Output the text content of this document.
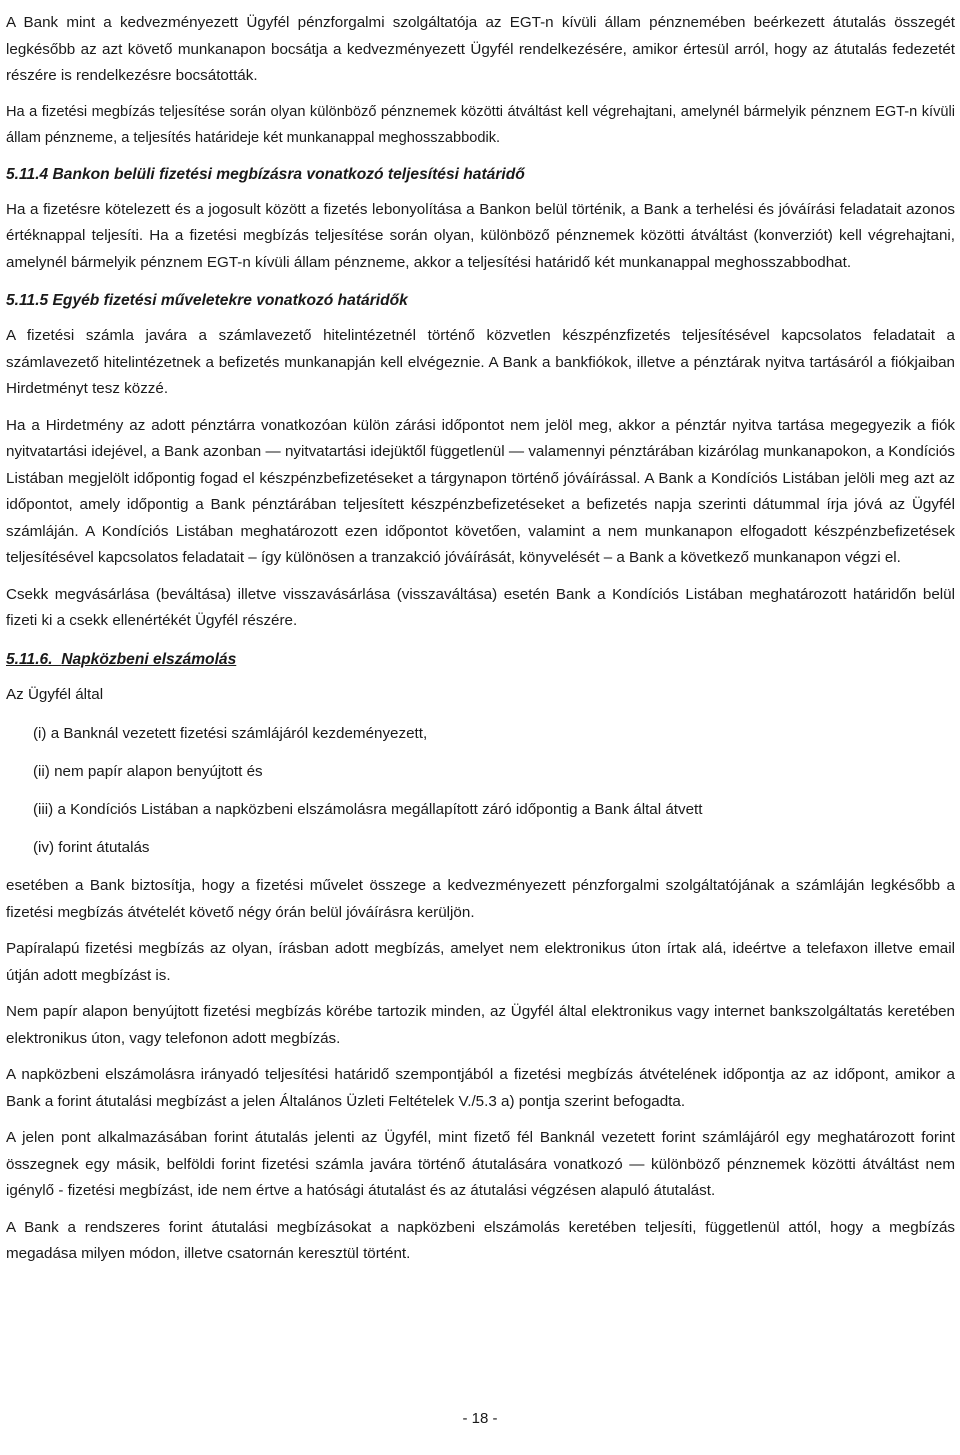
A Bank mint a kedvezményezett Ügyfél pénzforgalmi szolgáltatója az EGT-n kívüli állam pénznemében beérkezett átutalás összegét legkésőbb az azt követő munkanapon bocsátja a kedvezményezett Ügyfél rendelkezésére, amikor értesül arról, hogy az átutalás fedezetét részére is rendelkezésre bocsátották.

Ha a fizetési megbízás teljesítése során olyan különböző pénznemek közötti átváltást kell végrehajtani, amelynél bármelyik pénznem EGT-n kívüli állam pénzneme, a teljesítés határideje két munkanappal meghosszabbodik.

5.11.4 Bankon belüli fizetési megbízásra vonatkozó teljesítési határidő

Ha a fizetésre kötelezett és a jogosult között a fizetés lebonyolítása a Bankon belül történik, a Bank a terhelési és jóváírási feladatait azonos értéknappal teljesíti. Ha a fizetési megbízás teljesítése során olyan, különböző pénznemek közötti átváltást (konverziót) kell végrehajtani, amelynél bármelyik pénznem EGT-n kívüli állam pénzneme, akkor a teljesítési határidő két munkanappal meghosszabbodhat.

5.11.5 Egyéb fizetési műveletekre vonatkozó határidők

A fizetési számla javára a számlavezető hitelintézetnél történő közvetlen készpénzfizetés teljesítésével kapcsolatos feladatait a számlavezető hitelintézetnek a befizetés munkanapján kell elvégeznie. A Bank a bankfiókok, illetve a pénztárak nyitva tartásáról a fiókjaiban Hirdetményt tesz közzé.

Ha a Hirdetmény az adott pénztárra vonatkozóan külön zárási időpontot nem jelöl meg, akkor a pénztár nyitva tartása megegyezik a fiók nyitvatartási idejével, a Bank azonban — nyitvatartási idejüktől függetlenül — valamennyi pénztárában kizárólag munkanapokon, a Kondíciós Listában megjelölt időpontig fogad el készpénzbefizetéseket a tárgynapon történő jóváírással. A Bank a Kondíciós Listában jelöli meg azt az időpontot, amely időpontig a Bank pénztárában teljesített készpénzbefizetéseket a befizetés napja szerinti dátummal írja jóvá az Ügyfél számláján. A Kondíciós Listában meghatározott ezen időpontot követően, valamint a nem munkanapon elfogadott készpénzbefizetések teljesítésével kapcsolatos feladatait – így különösen a tranzakció jóváírását, könyvelését – a Bank a következő munkanapon végzi el.

Csekk megvásárlása (beváltása) illetve visszavásárlása (visszaváltása) esetén Bank a Kondíciós Listában meghatározott határidőn belül fizeti ki a csekk ellenértékét Ügyfél részére.

5.11.6. Napközbeni elszámolás

Az Ügyfél által

(i) a Banknál vezetett fizetési számlájáról kezdeményezett,
(ii) nem papír alapon benyújtott és
(iii) a Kondíciós Listában a napközbeni elszámolásra megállapított záró időpontig a Bank által átvett
(iv) forint átutalás

esetében a Bank biztosítja, hogy a fizetési művelet összege a kedvezményezett pénzforgalmi szolgáltatójának a számláján legkésőbb a fizetési megbízás átvételét követő négy órán belül jóváírásra kerüljön.

Papíralapú fizetési megbízás az olyan, írásban adott megbízás, amelyet nem elektronikus úton írtak alá, ideértve a telefaxon illetve email útján adott megbízást is.

Nem papír alapon benyújtott fizetési megbízás körébe tartozik minden, az Ügyfél által elektronikus vagy internet bankszolgáltatás keretében elektronikus úton, vagy telefonon adott megbízás.

A napközbeni elszámolásra irányadó teljesítési határidő szempontjából a fizetési megbízás átvételének időpontja az az időpont, amikor a Bank a forint átutalási megbízást a jelen Általános Üzleti Feltételek V./5.3 a) pontja szerint befogadta.

A jelen pont alkalmazásában forint átutalás jelenti az Ügyfél, mint fizető fél Banknál vezetett forint számlájáról egy meghatározott forint összegnek egy másik, belföldi forint fizetési számla javára történő átutalására vonatkozó — különböző pénznemek közötti átváltást nem igénylő - fizetési megbízást, ide nem értve a hatósági átutalást és az átutalási végzésen alapuló átutalást.

A Bank a rendszeres forint átutalási megbízásokat a napközbeni elszámolás keretében teljesíti, függetlenül attól, hogy a megbízás megadása milyen módon, illetve csatornán keresztül történt.

- 18 -
